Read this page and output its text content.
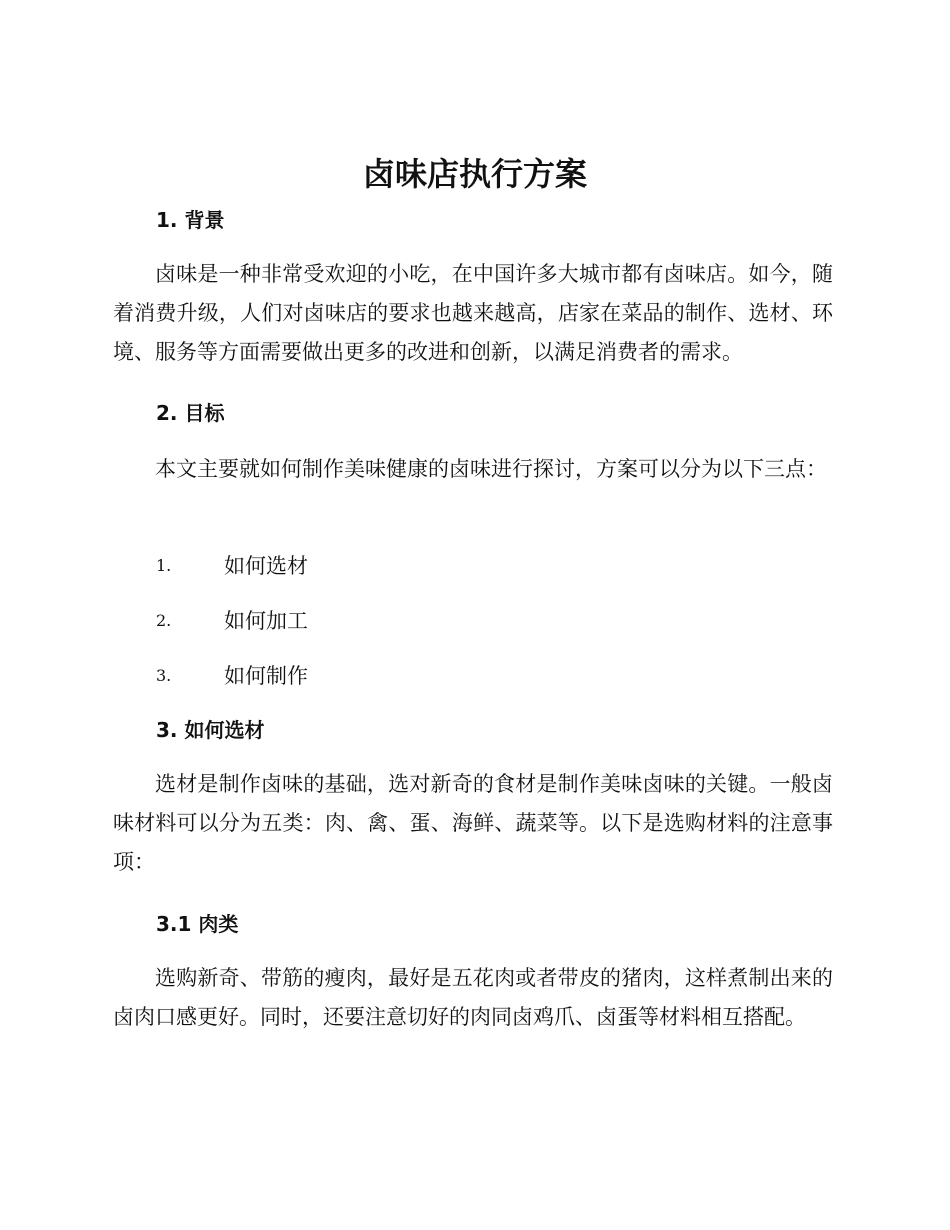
卤味店执行方案
1. 背景

卤味是一种非常受欢迎的小吃，在中国许多大城市都有卤味店。如今，随着消费升级，人们对卤味店的要求也越来越高，店家在菜品的制作、选材、环境、服务等方面需要做出更多的改进和创新，以满足消费者的需求。

2. 目标

本文主要就如何制作美味健康的卤味进行探讨，方案可以分为以下三点：

1.	如何选材
2.	如何加工
3.	如何制作
3. 如何选材

选材是制作卤味的基础，选对新奇的食材是制作美味卤味的关键。一般卤味材料可以分为五类：肉、禽、蛋、海鲜、蔬菜等。以下是选购材料的注意事项：

3.1 肉类

选购新奇、带筋的瘦肉，最好是五花肉或者带皮的猪肉，这样煮制出来的卤肉口感更好。同时，还要注意切好的肉同卤鸡爪、卤蛋等材料相互搭配。
